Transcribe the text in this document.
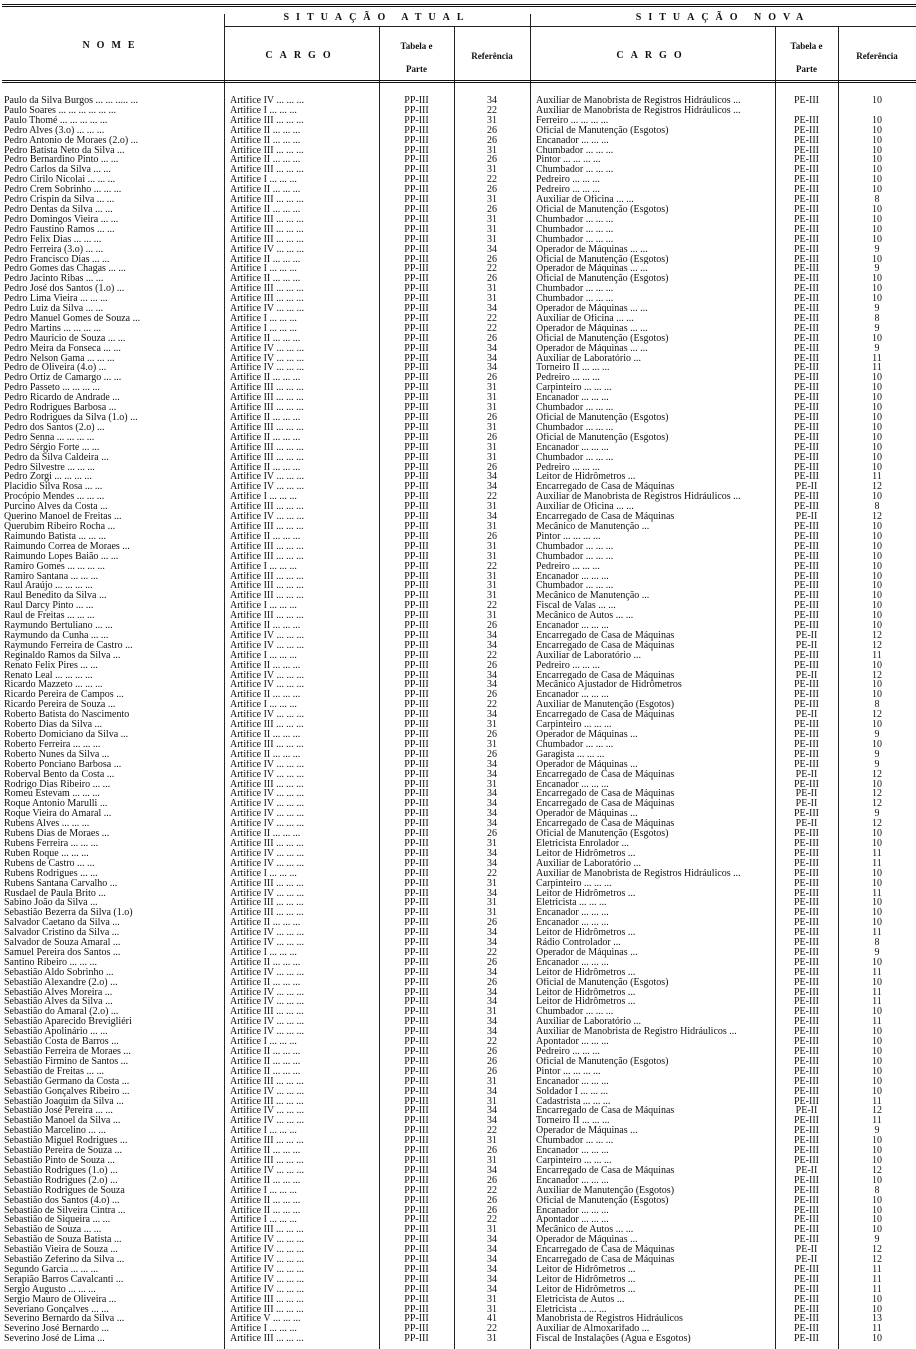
NOME
SITUAÇÃO ATUAL	SITUAÇÃO NOVA
CARGO
Tabela e
Parte
Referência	CARGO
Tabela e
Parte
Referência
Paulo da Silva Burgos ... ... ..... ...	Artifice IV ... ... ...	PP-III	34	Auxiliar de Manobrista de Registros Hidráulicos ...	PE-III	10
Paulo Soares ... ... ... ... ... ...	Artifice I ... ... ...	PP-III	22	Auxiliar de Manobrista de Registros Hidráulicos ...		
Paulo Thomé ... ... ... ... ...	Artifice III ... ... ...	PP-III	31	Ferreiro ... ... ... ...	PE-III	10
Pedro Alves (3.o) ... ... ...	Artifice II ... ... ...	PP-III	26	Oficial de Manutenção (Esgotos)	PE-III	10
Pedro Antonio de Moraes (2.o) ...	Artifice II ... ... ...	PP-III	26	Encanador ... ... ...	PE-III	10
Pedro Batista Neto da Silva ...	Artifice III ... ... ...	PP-III	31	Chumbador ... ... ...	PE-III	10
Pedro Bernardino Pinto ... ...	Artifice II ... ... ...	PP-III	26	Pintor ... ... ... ...	PE-III	10
Pedro Carlos da Silva ... ...	Artifice III ... ... ...	PP-III	31	Chumbador ... ... ...	PE-III	10
Pedro Cirilo Nicolai ... ... ...	Artifice I ... ... ...	PP-III	22	Pedreiro ... ... ...	PE-III	10
Pedro Crem Sobrinho ... ... ...	Artifice II ... ... ...	PP-III	26	Pedreiro ... ... ...	PE-III	10
Pedro Crispin da Silva ... ...	Artifice III ... ... ...	PP-III	31	Auxiliar de Oficina ... ...	PE-III	8
Pedro Dentas da Silva ... ...	Artifice II ... ... ...	PP-III	26	Oficial de Manutenção (Esgotos)	PE-III	10
Pedro Domingos Vieira ... ...	Artifice III ... ... ...	PP-III	31	Chumbador ... ... ...	PE-III	10
Pedro Faustino Ramos ... ...	Artifice III ... ... ...	PP-III	31	Chumbador ... ... ...	PE-III	10
Pedro Felix Dias ... ... ...	Artifice III ... ... ...	PP-III	31	Chumbador ... ... ...	PE-III	10
Pedro Ferreira (3.o) ... ...	Artifice IV ... ... ...	PP-III	34	Operador de Máquinas ... ...	PE-III	9
Pedro Francisco Dias ... ...	Artifice II ... ... ...	PP-III	26	Oficial de Manutenção (Esgotos)	PE-III	10
Pedro Gomes das Chagas ... ...	Artifice I ... ... ...	PP-III	22	Operador de Máquinas ... ...	PE-III	9
Pedro Jacinto Ribas ... ...	Artifice II ... ... ...	PP-III	26	Oficial de Manutenção (Esgotos)	PE-III	10
Pedro José dos Santos (1.o) ...	Artifice III ... ... ...	PP-III	31	Chumbador ... ... ...	PE-III	10
Pedro Lima Vieira ... ... ...	Artifice III ... ... ...	PP-III	31	Chumbador ... ... ...	PE-III	10
Pedro Luiz da Silva ... ...	Artifice IV ... ... ...	PP-III	34	Operador de Máquinas ... ...	PE-III	9
Pedro Manuel Gomes de Souza ...	Artifice I ... ... ...	PP-III	22	Auxiliar de Oficina ... ...	PE-III	8
Pedro Martins ... ... ... ...	Artifice I ... ... ...	PP-III	22	Operador de Máquinas ... ...	PE-III	9
Pedro Mauricio de Souza ... ...	Artifice II ... ... ...	PP-III	26	Oficial de Manutenção (Esgotos)	PE-III	10
Pedro Meira da Fonseca ... ...	Artifice IV ... ... ...	PP-III	34	Operador de Máquinas ... ...	PE-III	9
Pedro Nelson Gama ... ... ...	Artifice IV ... ... ...	PP-III	34	Auxiliar de Laboratório ...	PE-III	11
Pedro de Oliveira (4.o) ...	Artifice IV ... ... ...	PP-III	34	Torneiro II ... ... ...	PE-III	11
Pedro Ortiz de Camargo ... ...	Artifice II ... ... ...	PP-III	26	Pedreiro ... ... ...	PE-III	10
Pedro Passeto ... ... ... ...	Artifice III ... ... ...	PP-III	31	Carpinteiro ... ... ...	PE-III	10
Pedro Ricardo de Andrade ...	Artifice III ... ... ...	PP-III	31	Encanador ... ... ...	PE-III	10
Pedro Rodrigues Barbosa ...	Artifice III ... ... ...	PP-III	31	Chumbador ... ... ...	PE-III	10
Pedro Rodrigues da Silva (1.o) ...	Artifice II ... ... ...	PP-III	26	Oficial de Manutenção (Esgotos)	PE-III	10
Pedro dos Santos (2.o) ...	Artifice III ... ... ...	PP-III	31	Chumbador ... ... ...	PE-III	10
Pedro Senna ... ... ... ...	Artifice II ... ... ...	PP-III	26	Oficial de Manutenção (Esgotos)	PE-III	10
Pedro Sérgio Forte ... ...	Artifice III ... ... ...	PP-III	31	Encanador ... ... ...	PE-III	10
Pedro da Silva Caldeira ...	Artifice III ... ... ...	PP-III	31	Chumbador ... ... ...	PE-III	10
Pedro Silvestre ... ... ...	Artifice II ... ... ...	PP-III	26	Pedreiro ... ... ...	PE-III	10
Pedro Zorgi ... ... ... ...	Artifice IV ... ... ...	PP-III	34	Leitor de Hidrômetros ...	PE-III	11
Placidio Silva Rosa ... ...	Artifice IV ... ... ...	PP-III	34	Encarregado de Casa de Máquinas	PE-II	12
Procópio Mendes ... ... ...	Artifice I ... ... ...	PP-III	22	Auxiliar de Manobrista de Registros Hidráulicos ...	PE-III	10
Purcino Alves da Costa ...	Artifice III ... ... ...	PP-III	31	Auxiliar de Oficina ... ...	PE-III	8
Querino Manoel de Freitas ...	Artifice IV ... ... ...	PP-III	34	Encarregado de Casa de Máquinas	PE-II	12
Querubim Ribeiro Rocha ...	Artifice III ... ... ...	PP-III	31	Mecânico de Manutenção ...	PE-III	10
Raimundo Batista ... ... ...	Artifice II ... ... ...	PP-III	26	Pintor ... ... ... ...	PE-III	10
Raimundo Correa de Moraes ...	Artifice III ... ... ...	PP-III	31	Chumbador ... ... ...	PE-III	10
Raimundo Lopes Baião ... ...	Artifice III ... ... ...	PP-III	31	Chumbador ... ... ...	PE-III	10
Ramiro Gomes ... ... ... ...	Artifice I ... ... ...	PP-III	22	Pedreiro ... ... ...	PE-III	10
Ramiro Santana ... ... ...	Artifice III ... ... ...	PP-III	31	Encanador ... ... ...	PE-III	10
Raul Araújo ... ... ... ...	Artifice III ... ... ...	PP-III	31	Chumbador ... ... ...	PE-III	10
Raul Benedito da Silva ...	Artifice III ... ... ...	PP-III	31	Mecânico de Manutenção ...	PE-III	10
Raul Darcy Pinto ... ...	Artifice I ... ... ...	PP-III	22	Fiscal de Valas ... ...	PE-III	10
Raul de Freitas ... ... ...	Artifice III ... ... ...	PP-III	31	Mecânico de Autos ... ...	PE-III	10
Raymundo Bertuliano ... ...	Artifice II ... ... ...	PP-III	26	Encanador ... ... ...	PE-III	10
Raymundo da Cunha ... ...	Artifice IV ... ... ...	PP-III	34	Encarregado de Casa de Máquinas	PE-II	12
Raymundo Ferreira de Castro ...	Artifice IV ... ... ...	PP-III	34	Encarregado de Casa de Máquinas	PE-II	12
Reginaldo Ramos da Silva ...	Artifice I ... ... ...	PP-III	22	Auxiliar de Laboratório ...	PE-III	11
Renato Felix Pires ... ...	Artifice II ... ... ...	PP-III	26	Pedreiro ... ... ...	PE-III	10
Renato Leal ... ... ... ...	Artifice IV ... ... ...	PP-III	34	Encarregado de Casa de Máquinas	PE-II	12
Ricardo Mazzeto ... ... ...	Artifice IV ... ... ...	PP-III	34	Mecânico Ajustador de Hidrômetros	PE-III	10
Ricardo Pereira de Campos ...	Artifice II ... ... ...	PP-III	26	Encanador ... ... ...	PE-III	10
Ricardo Pereira de Souza ...	Artifice I ... ... ...	PP-III	22	Auxiliar de Manutenção (Esgotos)	PE-III	8
Roberto Batista do Nascimento	Artifice IV ... ... ...	PP-III	34	Encarregado de Casa de Máquinas	PE-II	12
Roberto Dias da Silva ...	Artifice III ... ... ...	PP-III	31	Carpinteiro ... ... ...	PE-III	10
Roberto Domiciano da Silva ...	Artifice II ... ... ...	PP-III	26	Operador de Máquinas ...	PE-III	9
Roberto Ferreira ... ... ...	Artifice III ... ... ...	PP-III	31	Chumbador ... ... ...	PE-III	10
Roberto Nunes da Silva ...	Artifice II ... ... ...	PP-III	26	Garagista ... ... ...	PE-III	9
Roberto Ponciano Barbosa ...	Artifice IV ... ... ...	PP-III	34	Operador de Máquinas ...	PE-III	9
Roberval Bento da Costa ...	Artifice IV ... ... ...	PP-III	34	Encarregado de Casa de Máquinas	PE-II	12
Rodrigo Dias Ribeiro ... ...	Artifice III ... ... ...	PP-III	31	Encanador ... ... ...	PE-III	10
Romeu Estevam ... ... ...	Artifice IV ... ... ...	PP-III	34	Encarregado de Casa de Máquinas	PE-II	12
Roque Antonio Marulli ...	Artifice IV ... ... ...	PP-III	34	Encarregado de Casa de Máquinas	PE-II	12
Roque Vieira do Amaral ...	Artifice IV ... ... ...	PP-III	34	Operador de Máquinas ...	PE-III	9
Rubens Alves ... ... ...	Artifice IV ... ... ...	PP-III	34	Encarregado de Casa de Máquinas	PE-II	12
Rubens Dias de Moraes ...	Artifice II ... ... ...	PP-III	26	Oficial de Manutenção (Esgotos)	PE-III	10
Rubens Ferreira ... ... ...	Artifice III ... ... ...	PP-III	31	Eletricista Enrolador ...	PE-III	10
Ruben Roque ... ... ...	Artifice IV ... ... ...	PP-III	34	Leitor de Hidrômetros ...	PE-III	11
Rubens de Castro ... ...	Artifice IV ... ... ...	PP-III	34	Auxiliar de Laboratório ...	PE-III	11
Rubens Rodrigues ... ...	Artifice I ... ... ...	PP-III	22	Auxiliar de Manobrista de Registros Hidráulicos ...	PE-III	10
Rubens Santana Carvalho ...	Artifice III ... ... ...	PP-III	31	Carpinteiro ... ... ...	PE-III	10
Rusdael de Paula Brito ...	Artifice IV ... ... ...	PP-III	34	Leitor de Hidrômetros ...	PE-III	11
Sabino João da Silva ...	Artifice III ... ... ...	PP-III	31	Eletricista ... ... ...	PE-III	10
Sebastião Bezerra da Silva (1.o)	Artifice III ... ... ...	PP-III	31	Encanador ... ... ...	PE-III	10
Salvador Caetano da Silva ...	Artifice II ... ... ...	PP-III	26	Encanador ... ... ...	PE-III	10
Salvador Cristino da Silva ...	Artifice IV ... ... ...	PP-III	34	Leitor de Hidrômetros ...	PE-III	11
Salvador de Souza Amaral ...	Artifice IV ... ... ...	PP-III	34	Rádio Controlador ...	PE-III	8
Samuel Pereira dos Santos ...	Artifice I ... ... ...	PP-III	22	Operador de Máquinas ...	PE-III	9
Santino Ribeiro ... ... ...	Artifice II ... ... ...	PP-III	26	Encanador ... ... ...	PE-III	10
Sebastião Aldo Sobrinho ...	Artifice IV ... ... ...	PP-III	34	Leitor de Hidrômetros ...	PE-III	11
Sebastião Alexandre (2.o) ...	Artifice II ... ... ...	PP-III	26	Oficial de Manutenção (Esgotos)	PE-III	10
Sebastião Alves Moreira ...	Artifice IV ... ... ...	PP-III	34	Leitor de Hidrômetros ...	PE-III	11
Sebastião Alves da Silva ...	Artifice IV ... ... ...	PP-III	34	Leitor de Hidrômetros ...	PE-III	11
Sebastião do Amaral (2.o) ...	Artifice III ... ... ...	PP-III	31	Chumbador ... ... ...	PE-III	10
Sebastião Aparecido Brevigliéri	Artifice IV ... ... ...	PP-III	34	Auxiliar de Laboratório ...	PE-III	11
Sebastião Apolinário ... ...	Artifice IV ... ... ...	PP-III	34	Auxiliar de Manobrista de Registro Hidráulicos ...	PE-III	10
Sebastião Costa de Barros ...	Artifice I ... ... ...	PP-III	22	Apontador ... ... ...	PE-III	10
Sebastião Ferreira de Moraes ...	Artifice II ... ... ...	PP-III	26	Pedreiro ... ... ...	PE-III	10
Sebastião Firmino de Santos ...	Artifice II ... ... ...	PP-III	26	Oficial de Manutenção (Esgotos)	PE-III	10
Sebastião de Freitas ... ...	Artifice II ... ... ...	PP-III	26	Pintor ... ... ... ...	PE-III	10
Sebastião Germano da Costa ...	Artifice III ... ... ...	PP-III	31	Encanador ... ... ...	PE-III	10
Sebastião Gonçalves Ribeiro ...	Artifice IV ... ... ...	PP-III	34	Soldador I ... ... ...	PE-III	10
Sebastião Joaquim da Silva ...	Artifice III ... ... ...	PP-III	31	Cadastrista ... ... ...	PE-III	11
Sebastião José Pereira ... ...	Artifice IV ... ... ...	PP-III	34	Encarregado de Casa de Máquinas	PE-II	12
Sebastião Manoel da Silva ...	Artifice IV ... ... ...	PP-III	34	Torneiro II ... ... ...	PE-III	11
Sebastião Marcelino ... ...	Artifice I ... ... ...	PP-III	22	Operador de Máquinas ...	PE-III	9
Sebastião Miguel Rodrigues ...	Artifice III ... ... ...	PP-III	31	Chumbador ... ... ...	PE-III	10
Sebastião Pereira de Souza ...	Artifice II ... ... ...	PP-III	26	Encanador ... ... ...	PE-III	10
Sebastião Pinto de Souza ...	Artifice III ... ... ...	PP-III	31	Carpinteiro ... ... ...	PE-III	10
Sebastião Rodrigues (1.o) ...	Artifice IV ... ... ...	PP-III	34	Encarregado de Casa de Máquinas	PE-II	12
Sebastião Rodrigues (2.o) ...	Artifice II ... ... ...	PP-III	26	Encanador ... ... ...	PE-III	10
Sebastião Rodrigues de Souza	Artifice I ... ... ...	PP-III	22	Auxiliar de Manutenção (Esgotos)	PE-III	8
Sebastião dos Santos (4.o) ...	Artifice II ... ... ...	PP-III	26	Oficial de Manutenção (Esgotos)	PE-III	10
Sebastião de Silveira Cintra ...	Artifice II ... ... ...	PP-III	26	Encanador ... ... ...	PE-III	10
Sebastião de Siqueira ... ...	Artifice I ... ... ...	PP-III	22	Apontador ... ... ...	PE-III	10
Sebastião de Souza ... ...	Artifice III ... ... ...	PP-III	31	Mecânico de Autos ... ...	PE-III	10
Sebastião de Souza Batista ...	Artifice IV ... ... ...	PP-III	34	Operador de Máquinas ...	PE-III	9
Sebastião Vieira de Souza ...	Artifice IV ... ... ...	PP-III	34	Encarregado de Casa de Máquinas	PE-II	12
Sebastião Zeferino da Silva ...	Artifice IV ... ... ...	PP-III	34	Encarregado de Casa de Máquinas	PE-II	12
Segundo Garcia ... ... ...	Artifice IV ... ... ...	PP-III	34	Leitor de Hidrômetros ...	PE-III	11
Serapião Barros Cavalcanti ...	Artifice IV ... ... ...	PP-III	34	Leitor de Hidrômetros ...	PE-III	11
Sergio Augusto ... ... ...	Artifice IV ... ... ...	PP-III	34	Leitor de Hidrômetros ...	PE-III	11
Sergio Mauro de Oliveira ...	Artifice III ... ... ...	PP-III	31	Eletricista de Autos ...	PE-III	10
Severiano Gonçalves ... ...	Artifice III ... ... ...	PP-III	31	Eletricista ... ... ...	PE-III	10
Severino Bernardo da Silva ...	Artifice V ... ... ...	PP-III	41	Manobrista de Registros Hidráulicos	PE-III	13
Severino José Bernardo ...	Artifice I ... ... ...	PP-III	22	Auxiliar de Almoxarifado ...	PE-III	11
Severino José de Lima ...	Artifice III ... ... ...	PP-III	31	Fiscal de Instalações (Água e Esgotos)	PE-III	10
